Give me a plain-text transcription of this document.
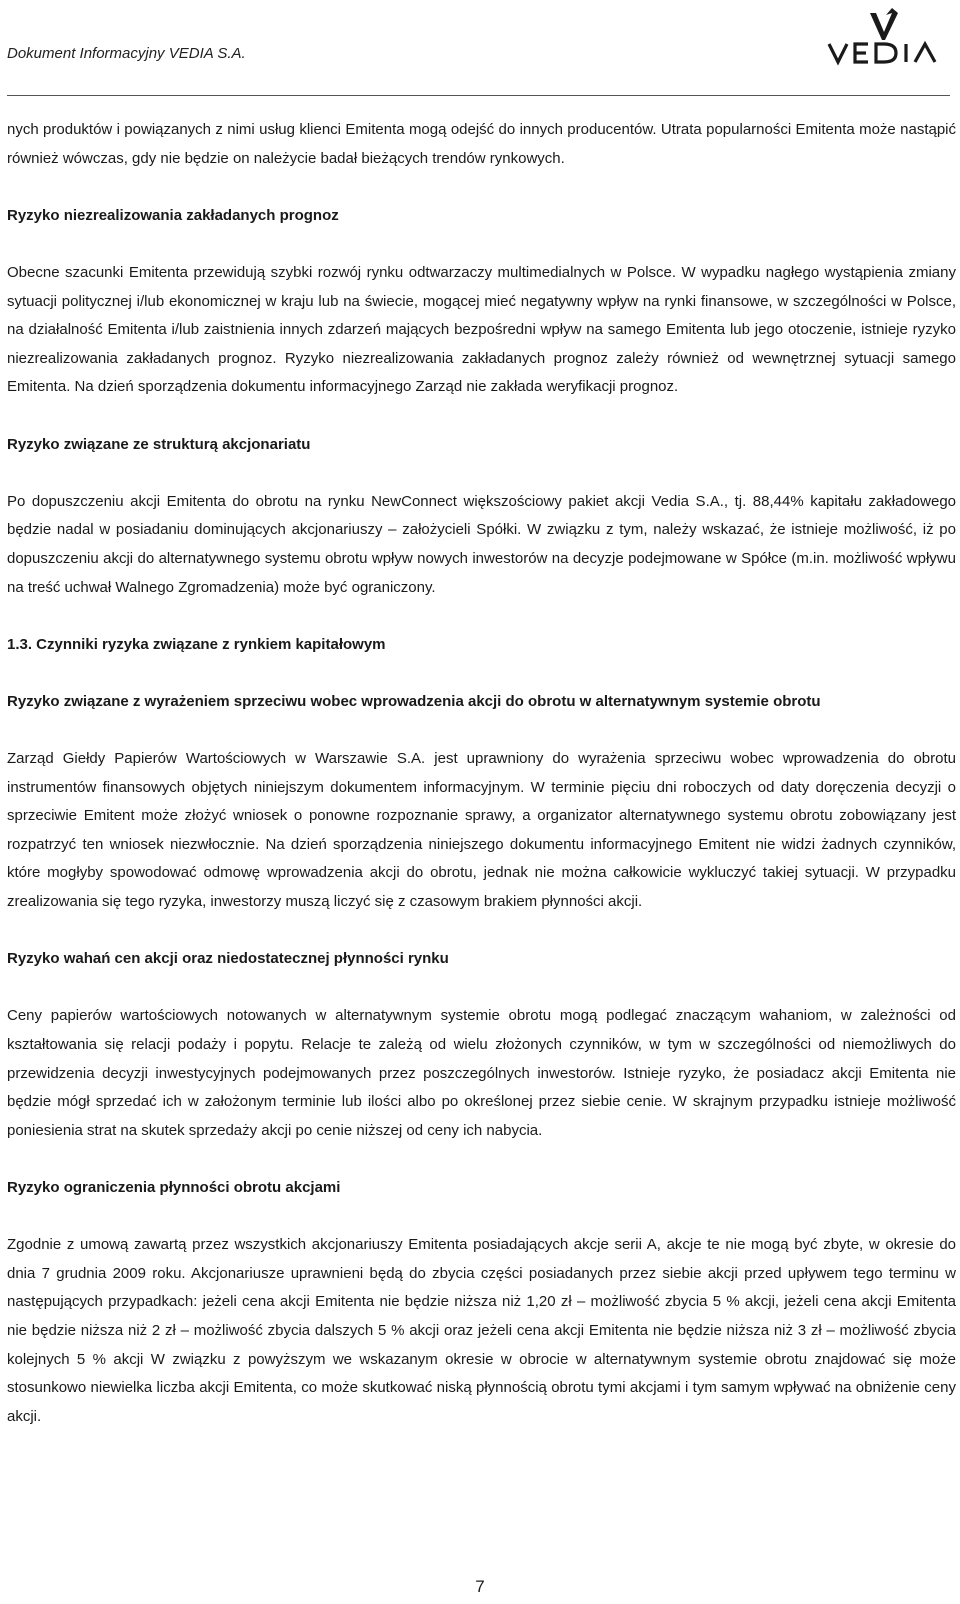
Dokument Informacyjny VEDIA S.A.

nych produktów i powiązanych z nimi usług klienci Emitenta mogą odejść do innych producentów. Utrata popularności Emitenta może nastąpić również wówczas, gdy nie będzie on należycie badał bieżących trendów rynkowych.

Ryzyko niezrealizowania zakładanych prognoz

Obecne szacunki Emitenta przewidują szybki rozwój rynku odtwarzaczy multimedialnych w Polsce. W wypadku nagłego wystąpienia zmiany sytuacji politycznej i/lub ekonomicznej w kraju lub na świecie, mogącej mieć negatywny wpływ na rynki finansowe, w szczególności w Polsce, na działalność Emitenta i/lub zaistnienia innych zdarzeń mających bezpośredni wpływ na samego Emitenta lub jego otoczenie, istnieje ryzyko niezrealizowania zakładanych prognoz. Ryzyko niezrealizowania zakładanych prognoz zależy również od wewnętrznej sytuacji samego Emitenta. Na dzień sporządzenia dokumentu informacyjnego Zarząd nie zakłada weryfikacji prognoz.

Ryzyko związane ze strukturą akcjonariatu

Po dopuszczeniu akcji Emitenta do obrotu na rynku NewConnect większościowy pakiet akcji Vedia S.A., tj. 88,44% kapitału zakładowego będzie nadal w posiadaniu dominujących akcjonariuszy – założycieli Spółki. W związku z tym, należy wskazać, że istnieje możliwość, iż po dopuszczeniu akcji do alternatywnego systemu obrotu wpływ nowych inwestorów na decyzje podejmowane w Spółce (m.in. możliwość wpływu na treść uchwał Walnego Zgromadzenia) może być ograniczony.

1.3. Czynniki ryzyka związane z rynkiem kapitałowym
Ryzyko związane z wyrażeniem sprzeciwu wobec wprowadzenia akcji do obrotu w alternatywnym systemie obrotu

Zarząd Giełdy Papierów Wartościowych w Warszawie S.A. jest uprawniony do wyrażenia sprzeciwu wobec wprowadzenia do obrotu instrumentów finansowych objętych niniejszym dokumentem informacyjnym. W terminie pięciu dni roboczych od daty doręczenia decyzji o sprzeciwie Emitent może złożyć wniosek o ponowne rozpoznanie sprawy, a organizator alternatywnego systemu obrotu zobowiązany jest rozpatrzyć ten wniosek niezwłocznie. Na dzień sporządzenia niniejszego dokumentu informacyjnego Emitent nie widzi żadnych czynników, które mogłyby spowodować odmowę wprowadzenia akcji do obrotu, jednak nie można całkowicie wykluczyć takiej sytuacji. W przypadku zrealizowania się tego ryzyka, inwestorzy muszą liczyć się z czasowym brakiem płynności akcji.

Ryzyko wahań cen akcji oraz niedostatecznej płynności rynku

Ceny papierów wartościowych notowanych w alternatywnym systemie obrotu mogą podlegać znaczącym wahaniom, w zależności od kształtowania się relacji podaży i popytu. Relacje te zależą od wielu złożonych czynników, w tym w szczególności od niemożliwych do przewidzenia decyzji inwestycyjnych podejmowanych przez poszczególnych inwestorów. Istnieje ryzyko, że posiadacz akcji Emitenta nie będzie mógł sprzedać ich w założonym terminie lub ilości albo po określonej przez siebie cenie. W skrajnym przypadku istnieje możliwość poniesienia strat na skutek sprzedaży akcji po cenie niższej od ceny ich nabycia.

Ryzyko ograniczenia płynności obrotu akcjami

Zgodnie z umową zawartą przez wszystkich akcjonariuszy Emitenta posiadających akcje serii A, akcje te nie mogą być zbyte, w okresie do dnia 7 grudnia 2009 roku. Akcjonariusze uprawnieni będą do zbycia części posiadanych przez siebie akcji przed upływem tego terminu w następujących przypadkach: jeżeli cena akcji Emitenta nie będzie niższa niż 1,20 zł – możliwość zbycia 5 % akcji, jeżeli cena akcji Emitenta nie będzie niższa niż 2 zł – możliwość zbycia dalszych 5 % akcji oraz jeżeli cena akcji Emitenta nie będzie niższa niż 3 zł – możliwość zbycia kolejnych 5 % akcji W związku z powyższym we wskazanym okresie w obrocie w alternatywnym systemie obrotu znajdować się może stosunkowo niewielka liczba akcji Emitenta, co może skutkować niską płynnością obrotu tymi akcjami i tym samym wpływać na obniżenie ceny akcji.

7
